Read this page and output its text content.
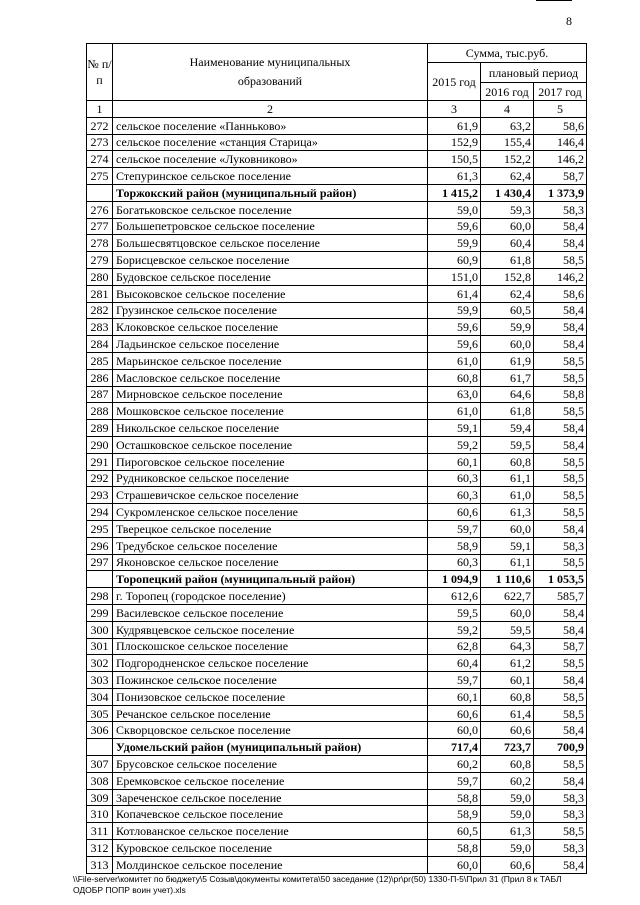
8
№ п/п	Наименование муниципальных образований	Сумма, тыс.руб.		
		2015 год	плановый период	
			2016 год	2017 год
1	2	3	4	5
272	сельское поселение «Панньково»	61,9	63,2	58,6
273	сельское поселение «станция Старица»	152,9	155,4	146,4
274	сельское поселение «Луковниково»	150,5	152,2	146,2
275	Степуринское сельское поселение	61,3	62,4	58,7
	Торжокский район (муниципальный район)	1 415,2	1 430,4	1 373,9
276	Богатьковское сельское поселение	59,0	59,3	58,3
277	Большепетровское сельское поселение	59,6	60,0	58,4
278	Большесвятцовское сельское поселение	59,9	60,4	58,4
279	Борисцевское сельское поселение	60,9	61,8	58,5
280	Будовское сельское поселение	151,0	152,8	146,2
281	Высоковское сельское поселение	61,4	62,4	58,6
282	Грузинское сельское поселение	59,9	60,5	58,4
283	Клоковское сельское поселение	59,6	59,9	58,4
284	Ладьинское сельское поселение	59,6	60,0	58,4
285	Марьинское сельское поселение	61,0	61,9	58,5
286	Масловское сельское поселение	60,8	61,7	58,5
287	Мирновское сельское поселение	63,0	64,6	58,8
288	Мошковское сельское поселение	61,0	61,8	58,5
289	Никольское сельское поселение	59,1	59,4	58,4
290	Осташковское сельское поселение	59,2	59,5	58,4
291	Пироговское сельское поселение	60,1	60,8	58,5
292	Рудниковское сельское поселение	60,3	61,1	58,5
293	Страшевичское сельское поселение	60,3	61,0	58,5
294	Сукромленское сельское поселение	60,6	61,3	58,5
295	Тверецкое сельское поселение	59,7	60,0	58,4
296	Тредубское сельское поселение	58,9	59,1	58,3
297	Яконовское сельское поселение	60,3	61,1	58,5
	Торопецкий район (муниципальный район)	1 094,9	1 110,6	1 053,5
298	г. Торопец (городское поселение)	612,6	622,7	585,7
299	Василевское сельское поселение	59,5	60,0	58,4
300	Кудрявцевское сельское поселение	59,2	59,5	58,4
301	Плоскошское сельское поселение	62,8	64,3	58,7
302	Подгородненское сельское поселение	60,4	61,2	58,5
303	Пожинское сельское поселение	59,7	60,1	58,4
304	Понизовское сельское поселение	60,1	60,8	58,5
305	Речанское сельское поселение	60,6	61,4	58,5
306	Скворцовское сельское поселение	60,0	60,6	58,4
	Удомельский район (муниципальный район)	717,4	723,7	700,9
307	Брусовское сельское поселение	60,2	60,8	58,5
308	Еремковское сельское поселение	59,7	60,2	58,4
309	Зареченское сельское поселение	58,8	59,0	58,3
310	Копачевское сельское поселение	58,9	59,0	58,3
311	Котлованское сельское поселение	60,5	61,3	58,5
312	Куровское сельское поселение	58,8	59,0	58,3
313	Молдинское сельское поселение	60,0	60,6	58,4
\\File-server\комитет по бюджету\5 Созыв\документы комитета\50 заседание (12)\pr\pr(50) 1330-П-5\Прил 31 (Прил 8 к ТАБЛ
ОДОБР ПОПР воин учет).xls
